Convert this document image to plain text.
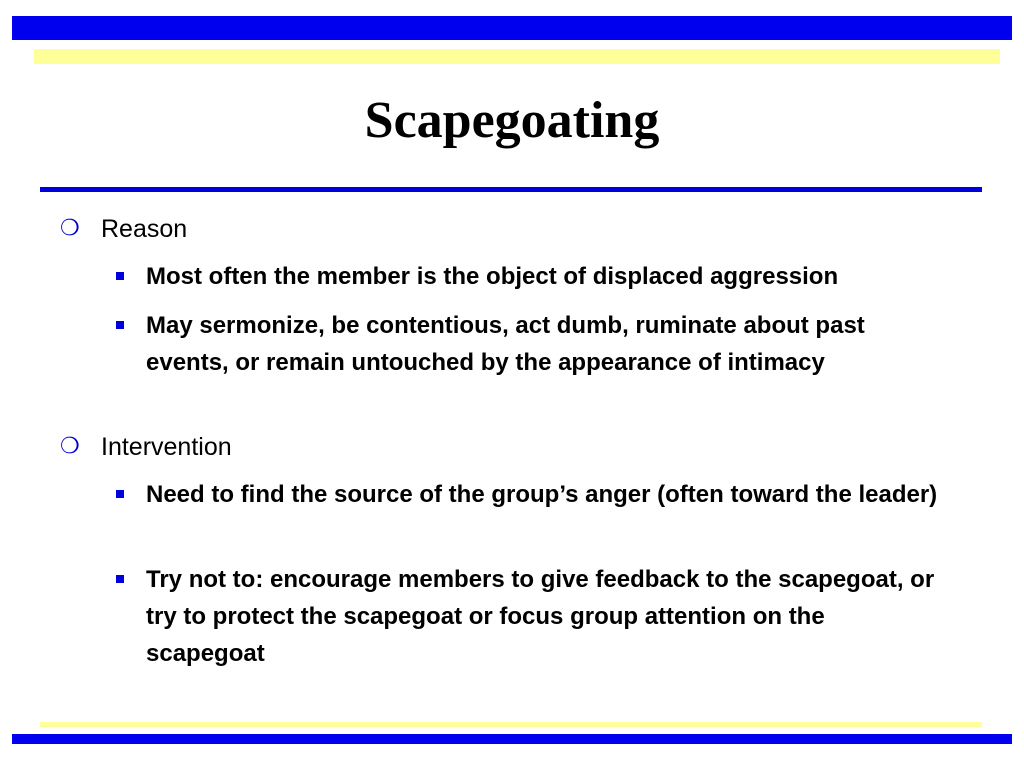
Scapegoating
❍ Reason
Most often the member is the object of displaced aggression
May sermonize, be contentious, act dumb, ruminate about past events, or remain untouched by the appearance of intimacy
❍ Intervention
Need to find the source of the group’s anger (often toward the leader)
Try not to: encourage members to give feedback to the scapegoat, or try to protect the scapegoat or focus group attention on the scapegoat
